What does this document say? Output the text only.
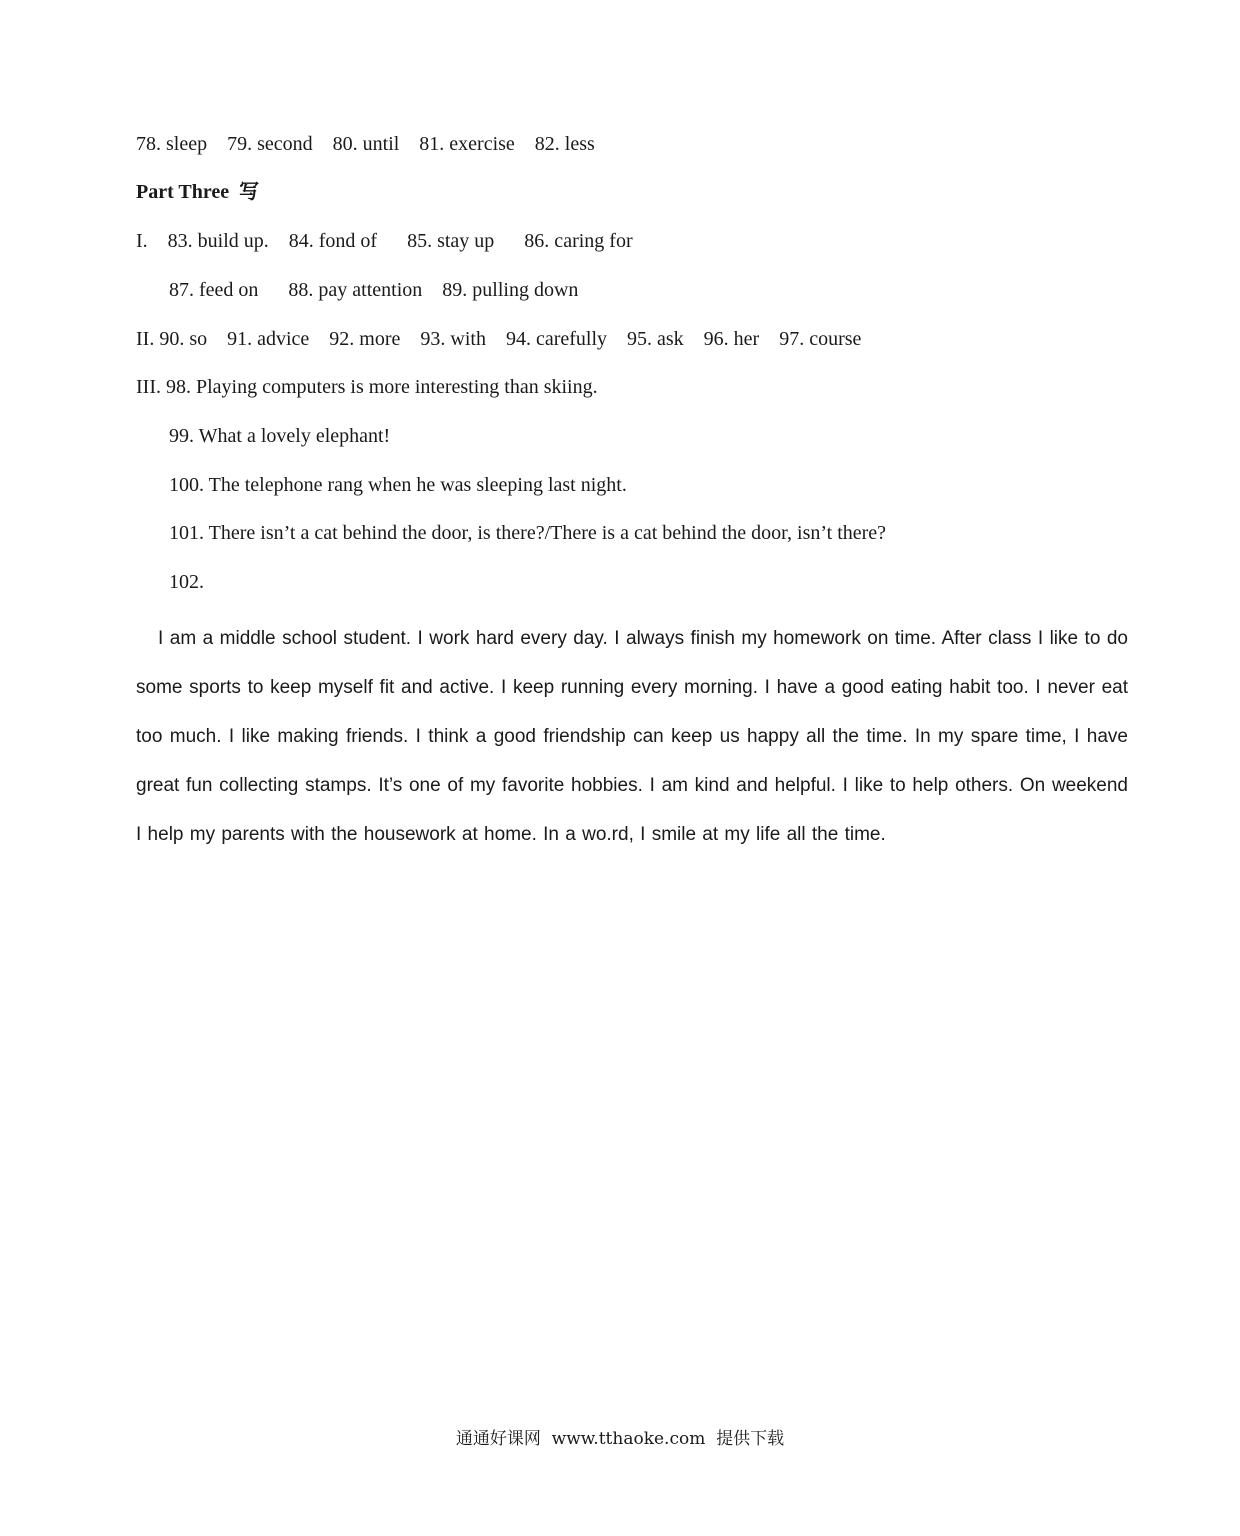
78. sleep    79. second    80. until    81. exercise    82. less
Part Three  写
I.    83. build up.    84. fond of      85. stay up      86. caring for
87. feed on      88. pay attention    89. pulling down
II. 90. so    91. advice    92. more    93. with    94. carefully    95. ask    96. her    97. course
III. 98. Playing computers is more interesting than skiing.
99. What a lovely elephant!
100. The telephone rang when he was sleeping last night.
101. There isn’t a cat behind the door, is there?/There is a cat behind the door, isn’t there?
102.
I am a middle school student. I work hard every day. I always finish my homework on time. After class I like to do some sports to keep myself fit and active. I keep running every morning. I have a good eating habit too. I never eat too much. I like making friends. I think a good friendship can keep us happy all the time. In my spare time, I have great fun collecting stamps. It’s one of my favorite hobbies. I am kind and helpful. I like to help others. On weekend I help my parents with the housework at home. In a wo.rd, I smile at my life all the time.
通通好课网  www.tthaoke.com  提供下载
